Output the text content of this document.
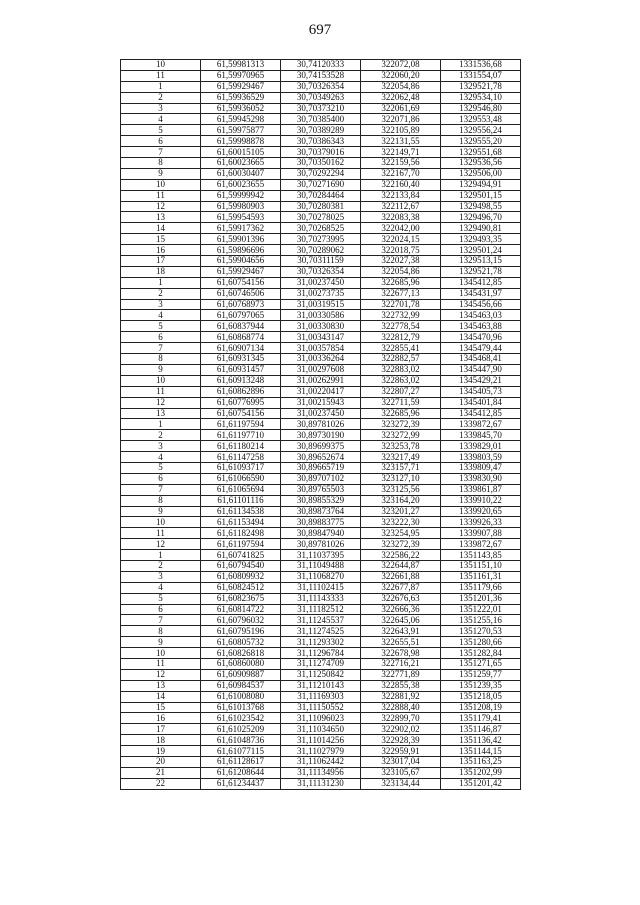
697
10	61,59981313	30,74120333	322072,08	1331536,68
11	61,59970965	30,74153528	322060,20	1331554,07
1	61,59929467	30,70326354	322054,86	1329521,78
2	61,59936529	30,70349263	322062,48	1329534,10
3	61,59936052	30,70373210	322061,69	1329546,80
4	61,59945298	30,70385400	322071,86	1329553,48
5	61,59975877	30,70389289	322105,89	1329556,24
6	61,59998878	30,70386343	322131,55	1329555,20
7	61,60015105	30,70379016	322149,71	1329551,68
8	61,60023665	30,70350162	322159,56	1329536,56
9	61,60030407	30,70292294	322167,70	1329506,00
10	61,60023655	30,70271690	322160,40	1329494,91
11	61,59999942	30,70284464	322133,84	1329501,15
12	61,59980903	30,70280381	322112,67	1329498,55
13	61,59954593	30,70278025	322083,38	1329496,70
14	61,59917362	30,70268525	322042,00	1329490,81
15	61,59901396	30,70273995	322024,15	1329493,35
16	61,59896696	30,70289062	322018,75	1329501,24
17	61,59904656	30,70311159	322027,38	1329513,15
18	61,59929467	30,70326354	322054,86	1329521,78
1	61,60754156	31,00237450	322685,96	1345412,85
2	61,60746506	31,00273735	322677,13	1345431,97
3	61,60768973	31,00319515	322701,78	1345456,66
4	61,60797065	31,00330586	322732,99	1345463,03
5	61,60837944	31,00330830	322778,54	1345463,88
6	61,60868774	31,00343147	322812,79	1345470,96
7	61,60907134	31,00357854	322855,41	1345479,44
8	61,60931345	31,00336264	322882,57	1345468,41
9	61,60931457	31,00297608	322883,02	1345447,90
10	61,60913248	31,00262991	322863,02	1345429,21
11	61,60862896	31,00220417	322807,27	1345405,73
12	61,60776995	31,00215943	322711,59	1345401,84
13	61,60754156	31,00237450	322685,96	1345412,85
1	61,61197594	30,89781026	323272,39	1339872,67
2	61,61197710	30,89730190	323272,99	1339845,70
3	61,61180214	30,89699375	323253,78	1339829,01
4	61,61147258	30,89652674	323217,49	1339803,59
5	61,61093717	30,89665719	323157,71	1339809,47
6	61,61066590	30,89707102	323127,10	1339830,90
7	61,61065694	30,89765503	323125,56	1339861,87
8	61,61101116	30,89855329	323164,20	1339910,22
9	61,61134538	30,89873764	323201,27	1339920,65
10	61,61153494	30,89883775	323222,30	1339926,33
11	61,61182498	30,89847940	323254,95	1339907,88
12	61,61197594	30,89781026	323272,39	1339872,67
1	61,60741825	31,11037395	322586,22	1351143,85
2	61,60794540	31,11049488	322644,87	1351151,10
3	61,60809932	31,11068270	322661,88	1351161,31
4	61,60824512	31,11102415	322677,87	1351179,66
5	61,60823675	31,11143333	322676,63	1351201,36
6	61,60814722	31,11182512	322666,36	1351222,01
7	61,60796032	31,11245537	322645,06	1351255,16
8	61,60795196	31,11274525	322643,91	1351270,53
9	61,60805732	31,11293302	322655,51	1351280,66
10	61,60826818	31,11296784	322678,98	1351282,84
11	61,60860080	31,11274709	322716,21	1351271,65
12	61,60909887	31,11250842	322771,89	1351259,77
13	61,60984537	31,11210143	322855,38	1351239,35
14	61,61008080	31,11169303	322881,92	1351218,05
15	61,61013768	31,11150552	322888,40	1351208,19
16	61,61023542	31,11096023	322899,70	1351179,41
17	61,61025209	31,11034650	322902,02	1351146,87
18	61,61048736	31,11014256	322928,39	1351136,42
19	61,61077115	31,11027979	322959,91	1351144,15
20	61,61128617	31,11062442	323017,04	1351163,25
21	61,61208644	31,11134956	323105,67	1351202,99
22	61,61234437	31,11131230	323134,44	1351201,42
